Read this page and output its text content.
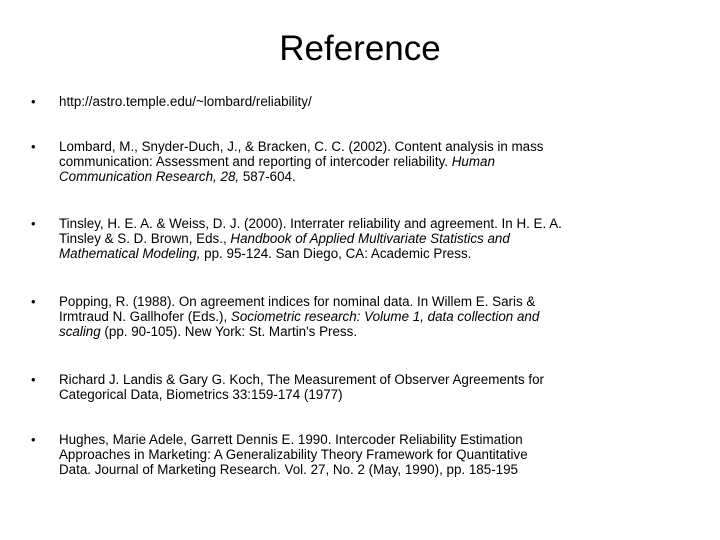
Reference
• http://astro.temple.edu/~lombard/reliability/
• Lombard, M., Snyder-Duch, J., & Bracken, C. C. (2002). Content analysis in mass
communication: Assessment and reporting of intercoder reliability. Human
Communication Research, 28, 587-604.
• Tinsley, H. E. A. & Weiss, D. J. (2000). Interrater reliability and agreement. In H. E. A.
Tinsley & S. D. Brown, Eds., Handbook of Applied Multivariate Statistics and
Mathematical Modeling, pp. 95-124. San Diego, CA: Academic Press.
• Popping, R. (1988). On agreement indices for nominal data. In Willem E. Saris &
Irmtraud N. Gallhofer (Eds.), Sociometric research: Volume 1, data collection and
scaling (pp. 90-105). New York: St. Martin's Press.
• Richard J. Landis & Gary G. Koch, The Measurement of Observer Agreements for
Categorical Data, Biometrics 33:159-174 (1977)
• Hughes, Marie Adele, Garrett Dennis E. 1990. Intercoder Reliability Estimation
Approaches in Marketing: A Generalizability Theory Framework for Quantitative
Data. Journal of Marketing Research. Vol. 27, No. 2 (May, 1990), pp. 185-195
